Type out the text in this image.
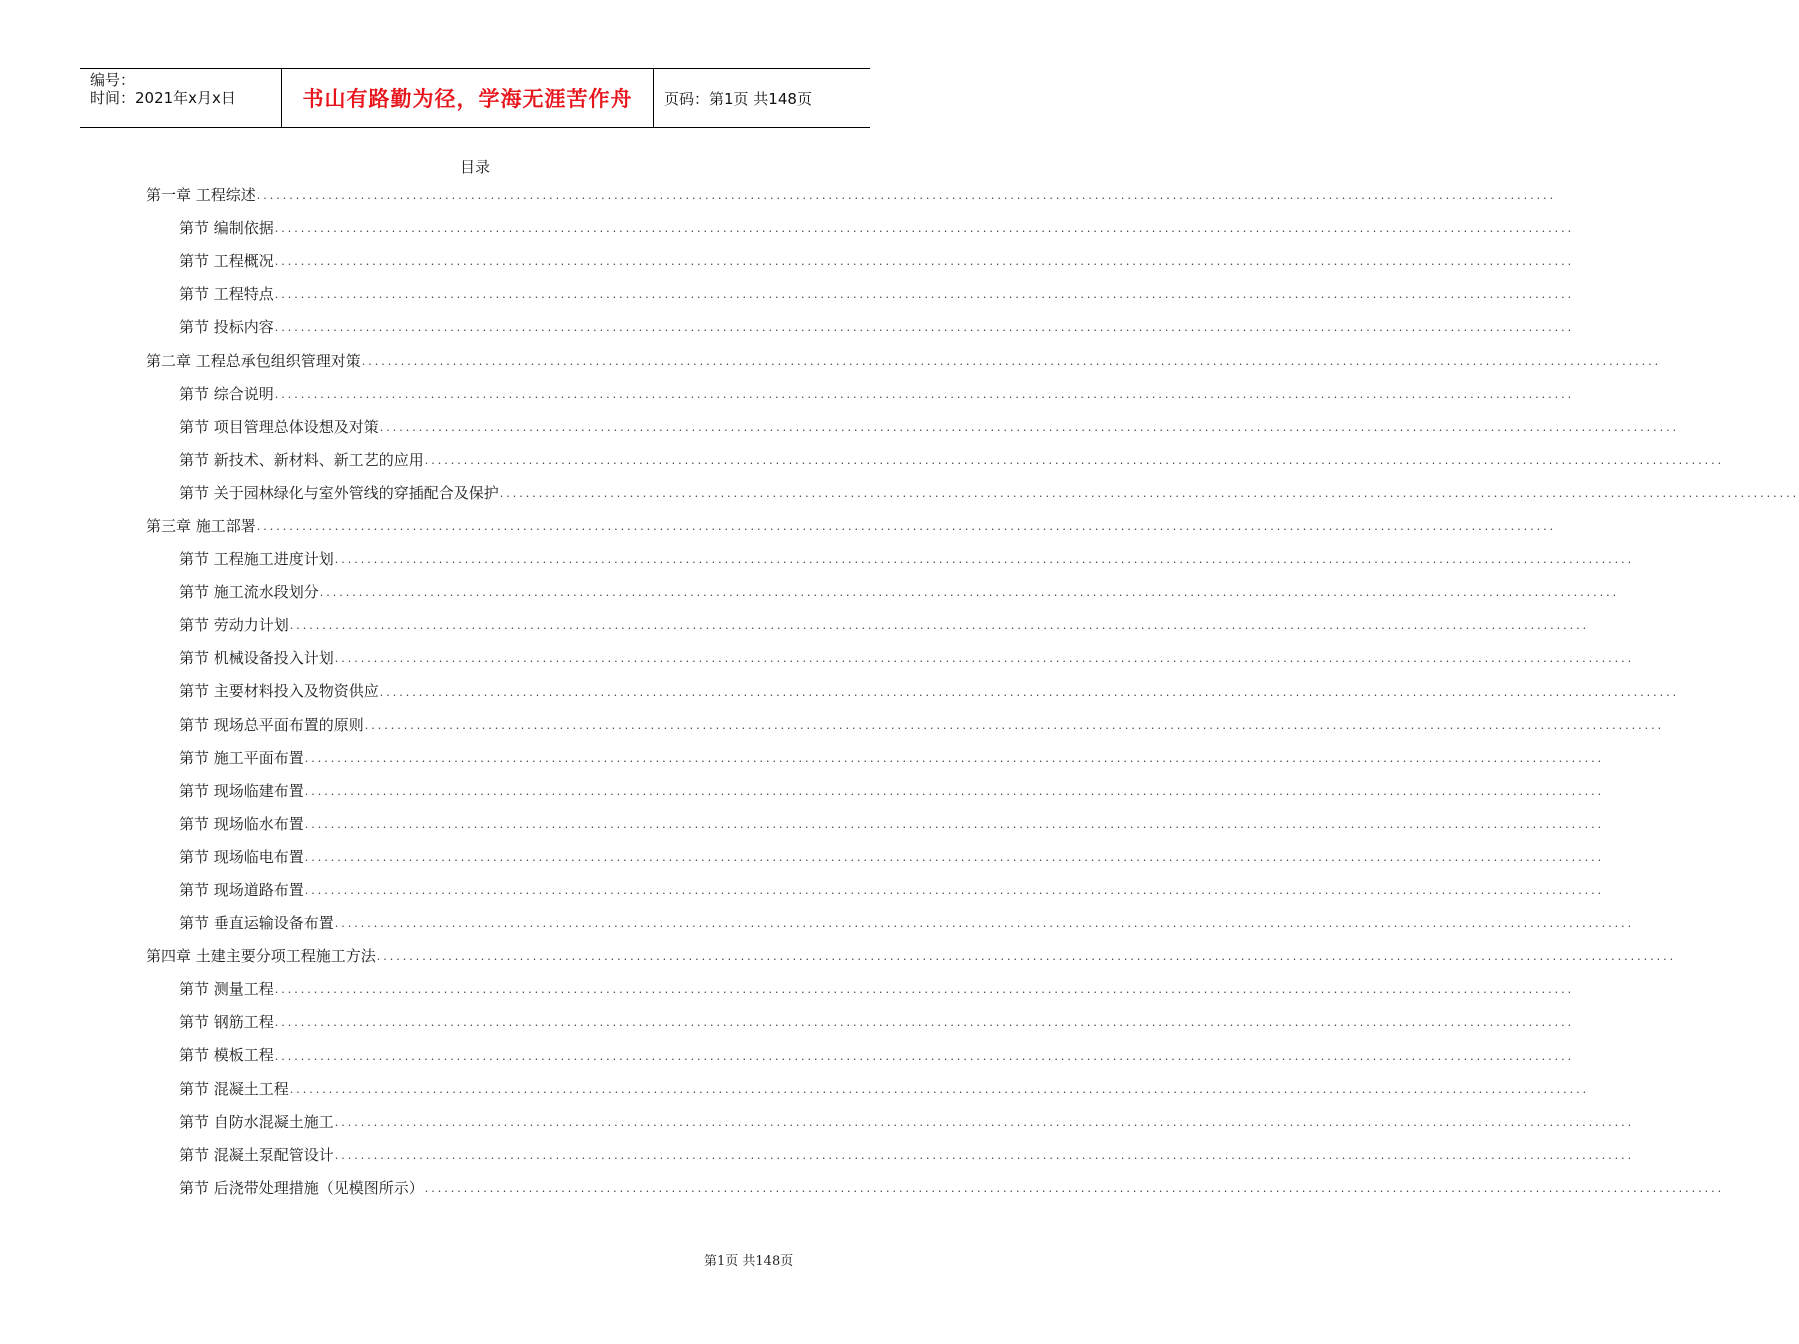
编号：
时间：2021年x月x日	书山有路勤为径，学海无涯苦作舟	页码：第1页 共148页
目录
第一章 工程综述 ........................................................................................................................................................................................................
第节 编制依据 ........................................................................................................................................................................................................
第节 工程概况 ........................................................................................................................................................................................................
第节 工程特点 ........................................................................................................................................................................................................
第节 投标内容 ........................................................................................................................................................................................................
第二章 工程总承包组织管理对策 ........................................................................................................................................................................................................
第节 综合说明 ........................................................................................................................................................................................................
第节 项目管理总体设想及对策 ........................................................................................................................................................................................................
第节 新技术、新材料、新工艺的应用 ........................................................................................................................................................................................................
第节 关于园林绿化与室外管线的穿插配合及保护 ........................................................................................................................................................................................................
第三章 施工部署 ........................................................................................................................................................................................................
第节 工程施工进度计划 ........................................................................................................................................................................................................
第节 施工流水段划分 ........................................................................................................................................................................................................
第节 劳动力计划 ........................................................................................................................................................................................................
第节 机械设备投入计划 ........................................................................................................................................................................................................
第节 主要材料投入及物资供应 ........................................................................................................................................................................................................
第节 现场总平面布置的原则 ........................................................................................................................................................................................................
第节 施工平面布置 ........................................................................................................................................................................................................
第节 现场临建布置 ........................................................................................................................................................................................................
第节 现场临水布置 ........................................................................................................................................................................................................
第节 现场临电布置 ........................................................................................................................................................................................................
第节 现场道路布置 ........................................................................................................................................................................................................
第节 垂直运输设备布置 ........................................................................................................................................................................................................
第四章 土建主要分项工程施工方法 ........................................................................................................................................................................................................
第节 测量工程 ........................................................................................................................................................................................................
第节 钢筋工程 ........................................................................................................................................................................................................
第节 模板工程 ........................................................................................................................................................................................................
第节 混凝土工程 ........................................................................................................................................................................................................
第节 自防水混凝土施工 ........................................................................................................................................................................................................
第节 混凝土泵配管设计 ........................................................................................................................................................................................................
第节 后浇带处理措施（见模图所示） ........................................................................................................................................................................................................
第1页 共148页
